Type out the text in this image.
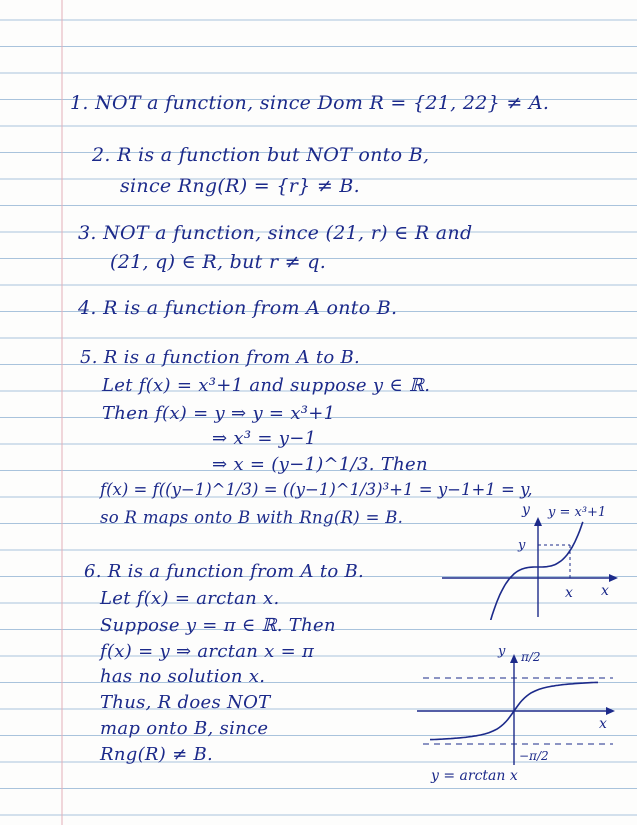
1. NOT a function, since Dom R = {21, 22} ≠ A.
2. R is a function but NOT onto B,
since Rng(R) = {r} ≠ B.
3. NOT a function, since (21, r) ∈ R and
(21, q) ∈ R, but r ≠ q.
4. R is a function from A onto B.
5. R is a function from A to B.
Let f(x) = x³+1 and suppose y ∈ ℝ.
Then f(x) = y ⇒ y = x³+1
⇒ x³ = y−1
⇒ x = (y−1)^1/3. Then
f(x) = f((y−1)^1/3) = ((y−1)^1/3)³+1 = y−1+1 = y,
so R maps onto B with Rng(R) = B.
6. R is a function from A to B.
Let f(x) = arctan x.
Suppose y = π ∈ ℝ. Then
f(x) = y ⇒ arctan x = π
has no solution x.
Thus, R does NOT
map onto B, since
Rng(R) ≠ B.
y y = x³+1
y
x x
y π/2
−π/2
x
y = arctan x
